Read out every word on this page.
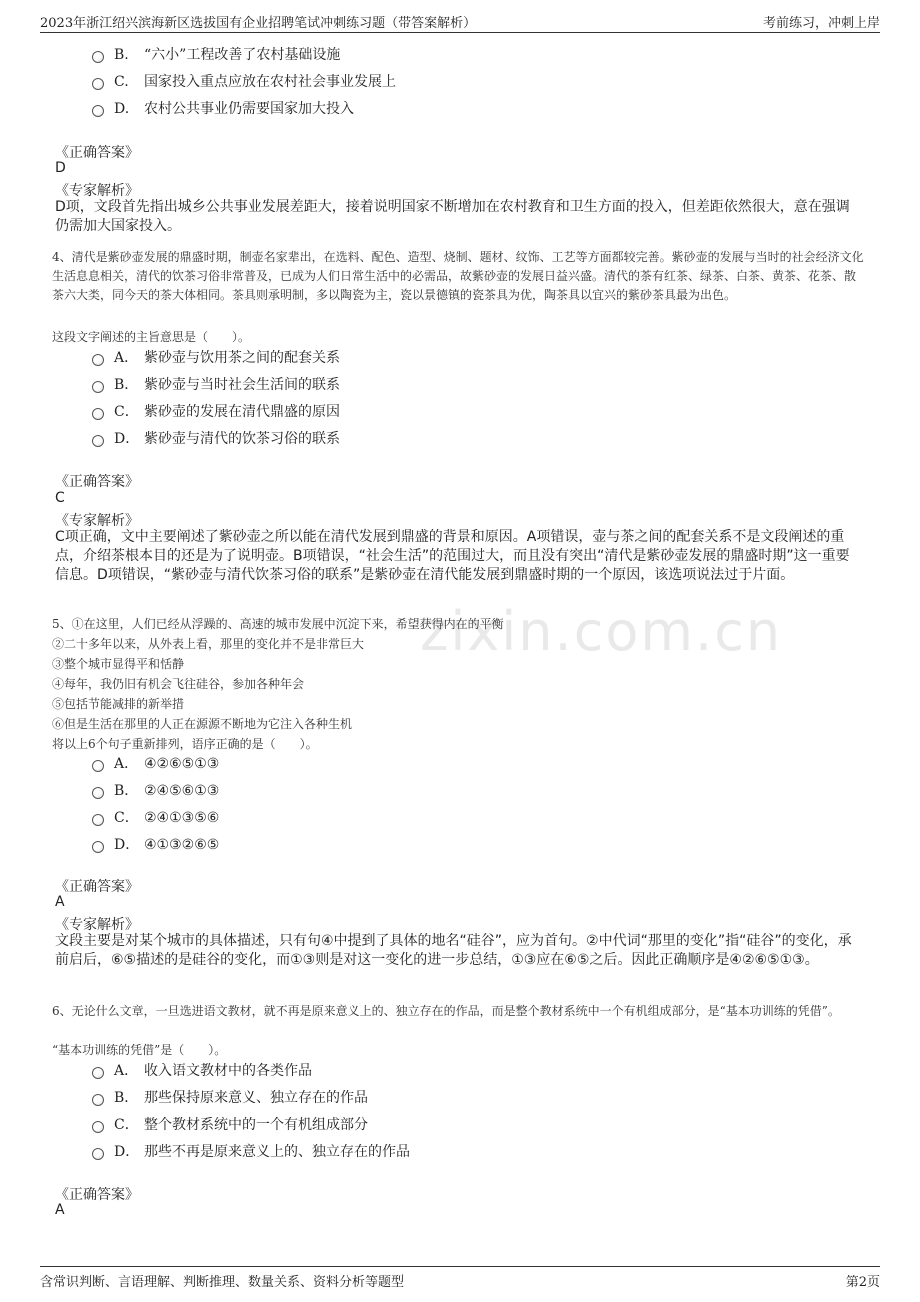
2023年浙江绍兴滨海新区选拔国有企业招聘笔试冲刺练习题（带答案解析）	考前练习，冲刺上岸
zixin.com.cn
B. “六小”工程改善了农村基础设施
C. 国家投入重点应放在农村社会事业发展上
D. 农村公共事业仍需要国家加大投入
《正确答案》
D
《专家解析》
D项，文段首先指出城乡公共事业发展差距大，接着说明国家不断增加在农村教育和卫生方面的投入，但差距依然很大，意在强调仍需加大国家投入。
4、清代是紫砂壶发展的鼎盛时期，制壶名家辈出，在选料、配色、造型、烧制、题材、纹饰、工艺等方面都较完善。紫砂壶的发展与当时的社会经济文化生活息息相关，清代的饮茶习俗非常普及，已成为人们日常生活中的必需品，故紫砂壶的发展日益兴盛。清代的茶有红茶、绿茶、白茶、黄茶、花茶、散茶六大类，同今天的茶大体相同。茶具则承明制，多以陶瓷为主，瓷以景德镇的瓷茶具为优，陶茶具以宜兴的紫砂茶具最为出色。
这段文字阐述的主旨意思是（　　）。
A． 紫砂壶与饮用茶之间的配套关系
B． 紫砂壶与当时社会生活间的联系
C． 紫砂壶的发展在清代鼎盛的原因
D． 紫砂壶与清代的饮茶习俗的联系
《正确答案》
C
《专家解析》
C项正确，文中主要阐述了紫砂壶之所以能在清代发展到鼎盛的背景和原因。A项错误，壶与茶之间的配套关系不是文段阐述的重点，介绍茶根本目的还是为了说明壶。B项错误，“社会生活”的范围过大，而且没有突出“清代是紫砂壶发展的鼎盛时期”这一重要信息。D项错误，“紫砂壶与清代饮茶习俗的联系”是紫砂壶在清代能发展到鼎盛时期的一个原因，该选项说法过于片面。
5、①在这里，人们已经从浮躁的、高速的城市发展中沉淀下来，希望获得内在的平衡
②二十多年以来，从外表上看，那里的变化并不是非常巨大
③整个城市显得平和恬静
④每年，我仍旧有机会飞往硅谷，参加各种年会
⑤包括节能减排的新举措
⑥但是生活在那里的人正在源源不断地为它注入各种生机
将以上6个句子重新排列，语序正确的是（　　）。
A． ④②⑥⑤①③
B． ②④⑤⑥①③
C． ②④①③⑤⑥
D． ④①③②⑥⑤
《正确答案》
A
《专家解析》
文段主要是对某个城市的具体描述，只有句④中提到了具体的地名“硅谷”，应为首句。②中代词“那里的变化”指“硅谷”的变化，承前启后，⑥⑤描述的是硅谷的变化，而①③则是对这一变化的进一步总结，①③应在⑥⑤之后。因此正确顺序是④②⑥⑤①③。
6、无论什么文章，一旦选进语文教材，就不再是原来意义上的、独立存在的作品，而是整个教材系统中一个有机组成部分，是“基本功训练的凭借”。
“基本功训练的凭借”是（　　）。
A． 收入语文教材中的各类作品
B． 那些保持原来意义、独立存在的作品
C． 整个教材系统中的一个有机组成部分
D． 那些不再是原来意义上的、独立存在的作品
《正确答案》
A
含常识判断、言语理解、判断推理、数量关系、资料分析等题型	第2页
